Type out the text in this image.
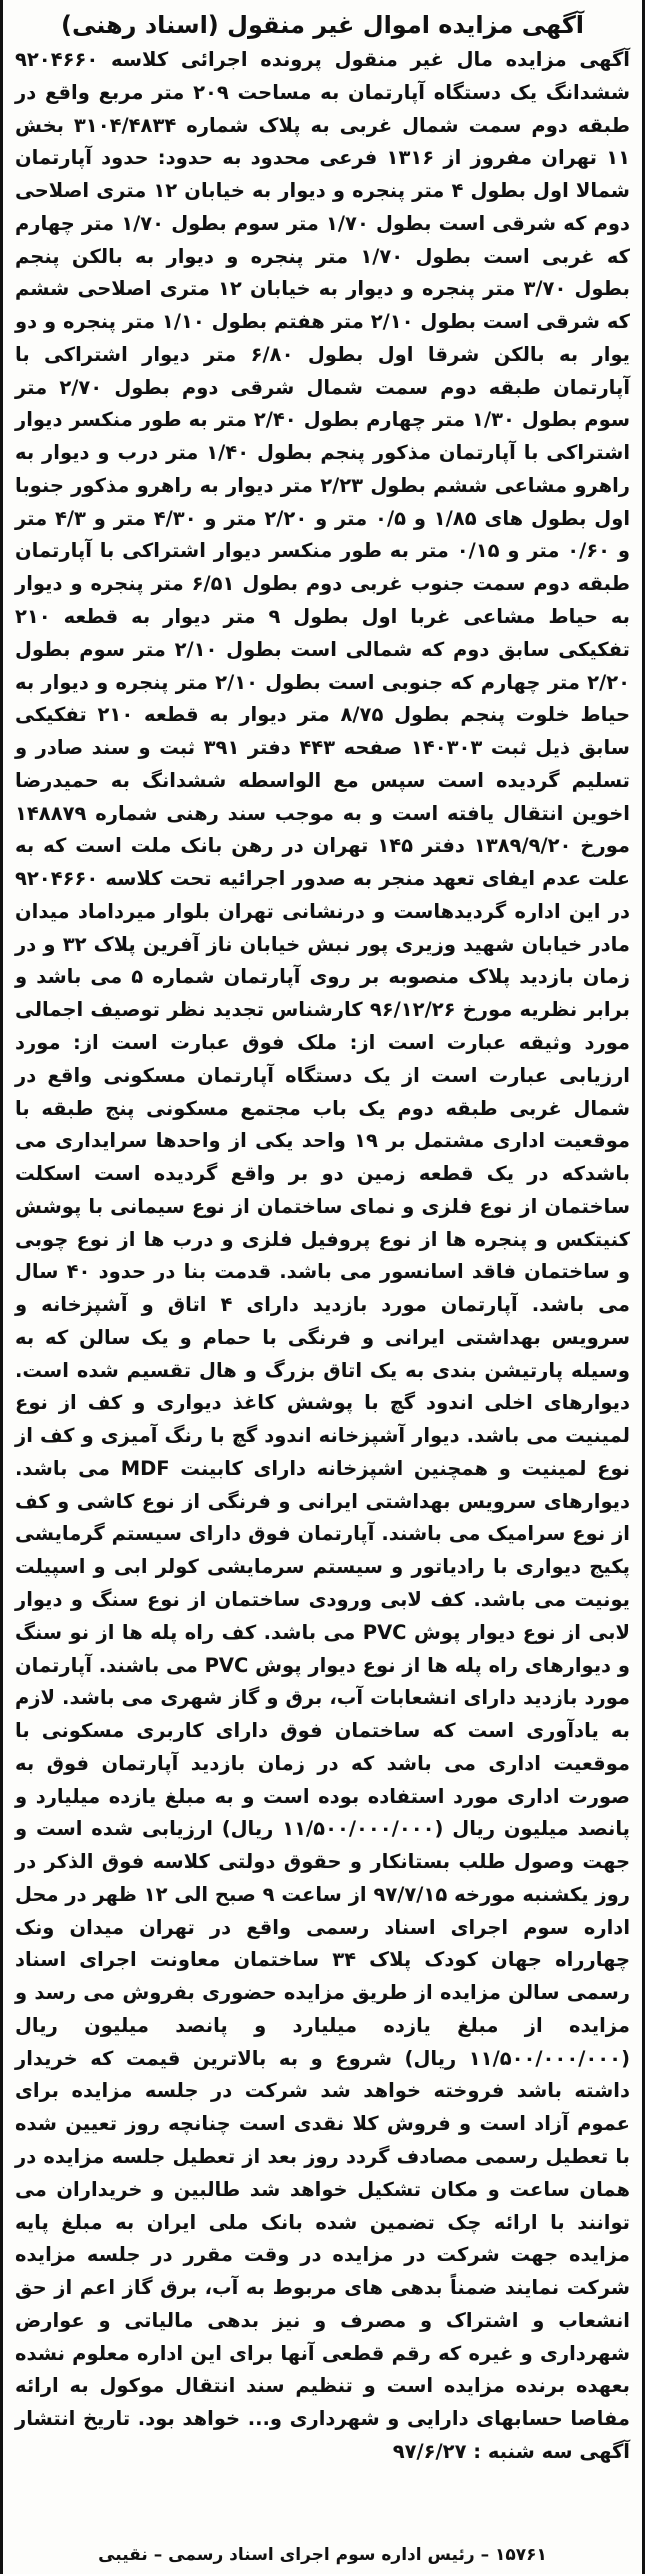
آگهی مزایده اموال غیر منقول (اسناد رهنی)

آگهی مزایده مال غیر منقول پرونده اجرائی کلاسه ۹۲۰۴۶۶۰ ششدانگ یک دستگاه آپارتمان به مساحت ۲۰۹ متر مربع واقع در طبقه دوم سمت شمال غربی به پلاک شماره ۳۱۰۴/۴۸۳۴ بخش ۱۱ تهران مفروز از ۱۳۱۶ فرعی محدود به حدود: حدود آپارتمان شمالا اول بطول ۴ متر پنجره و دیوار به خیابان ۱۲ متری اصلاحی دوم که شرقی است بطول ۱/۷۰ متر سوم بطول ۱/۷۰ متر چهارم که غربی است بطول ۱/۷۰ متر پنجره و دیوار به بالکن پنجم بطول ۳/۷۰ متر پنجره و دیوار به خیابان ۱۲ متری اصلاحی ششم که شرقی است بطول ۲/۱۰ متر هفتم بطول ۱/۱۰ متر پنجره و دو یوار به بالکن شرقا اول بطول ۶/۸۰ متر دیوار اشتراکی با آپارتمان طبقه دوم سمت شمال شرقی دوم بطول ۲/۷۰ متر سوم بطول ۱/۳۰ متر چهارم بطول ۲/۴۰ متر به طور منکسر دیوار اشتراکی با آپارتمان مذکور پنجم بطول ۱/۴۰ متر درب و دیوار به راهرو مشاعی ششم بطول ۲/۲۳ متر دیوار به راهرو مذکور جنوبا اول بطول های ۱/۸۵ و ۰/۵ متر و ۲/۲۰ متر و ۴/۳۰ متر و ۴/۳ متر و ۰/۶۰ متر و ۰/۱۵ متر به طور منکسر دیوار اشتراکی با آپارتمان طبقه دوم سمت جنوب غربی دوم بطول ۶/۵۱ متر پنجره و دیوار به حیاط مشاعی غربا اول بطول ۹ متر دیوار به قطعه ۲۱۰ تفکیکی سابق دوم که شمالی است بطول ۲/۱۰ متر سوم بطول ۲/۲۰ متر چهارم که جنوبی است بطول ۲/۱۰ متر پنجره و دیوار به حیاط خلوت پنجم بطول ۸/۷۵ متر دیوار به قطعه ۲۱۰ تفکیکی سابق ذیل ثبت ۱۴۰۳۰۳ صفحه ۴۴۳ دفتر ۳۹۱ ثبت و سند صادر و تسلیم گردیده است سپس مع الواسطه ششدانگ به حمیدرضا اخوین انتقال یافته است و به موجب سند رهنی شماره ۱۴۸۸۷۹ مورخ ۱۳۸۹/۹/۲۰ دفتر ۱۴۵ تهران در رهن بانک ملت است که به علت عدم ایفای تعهد منجر به صدور اجرائیه تحت کلاسه ۹۲۰۴۶۶۰ در این اداره گردیدهاست و درنشانی تهران بلوار میرداماد میدان مادر خیابان شهید وزیری پور نبش خیابان ناز آفرین پلاک ۳۲ و در زمان بازدید پلاک منصوبه بر روی آپارتمان شماره ۵ می باشد و برابر نظریه مورخ ۹۶/۱۲/۲۶ کارشناس تجدید نظر توصیف اجمالی مورد وثیقه عبارت است از: ملک فوق عبارت است از: مورد ارزیابی عبارت است از یک دستگاه آپارتمان مسکونی واقع در شمال غربی طبقه دوم یک باب مجتمع مسکونی پنج طبقه با موقعیت اداری مشتمل بر ۱۹ واحد یکی از واحدها سرایداری می باشدکه در یک قطعه زمین دو بر واقع گردیده است اسکلت ساختمان از نوع فلزی و نمای ساختمان از نوع سیمانی با پوشش کنیتکس و پنجره ها از نوع پروفیل فلزی و درب ها از نوع چوبی و ساختمان فاقد اسانسور می باشد. قدمت بنا در حدود ۴۰ سال می باشد. آپارتمان مورد بازدید دارای ۴ اتاق و آشپزخانه و سرویس بهداشتی ایرانی و فرنگی با حمام و یک سالن که به وسیله پارتیشن بندی به یک اتاق بزرگ و هال تقسیم شده است. دیوارهای اخلی اندود گچ با پوشش کاغذ دیواری و کف از نوع لمینیت می باشد. دیوار آشپزخانه اندود گچ با رنگ آمیزی و کف از نوع لمینیت و همچنین اشپزخانه دارای کابینت MDF می باشد. دیوارهای سرویس بهداشتی ایرانی و فرنگی از نوع کاشی و کف از نوع سرامیک می باشند. آپارتمان فوق دارای سیستم گرمایشی پکیج دیواری با رادیاتور و سیستم سرمایشی کولر ابی و اسپیلت یونیت می باشد. کف لابی ورودی ساختمان از نوع سنگ و دیوار لابی از نوع دیوار پوش PVC می باشد. کف راه پله ها از نو سنگ و دیوارهای راه پله ها از نوع دیوار پوش PVC می باشند. آپارتمان مورد بازدید دارای انشعابات آب، برق و گاز شهری می باشد. لازم به یادآوری است که ساختمان فوق دارای کاربری مسکونی با موقعیت اداری می باشد که در زمان بازدید آپارتمان فوق به صورت اداری مورد استفاده بوده است و به مبلغ یازده میلیارد و پانصد میلیون ریال (۱۱/۵۰۰/۰۰۰/۰۰۰ ریال) ارزیابی شده است و جهت وصول طلب بستانکار و حقوق دولتی کلاسه فوق الذکر در روز یکشنبه مورخه ۹۷/۷/۱۵ از ساعت ۹ صبح الی ۱۲ ظهر در محل اداره سوم اجرای اسناد رسمی واقع در تهران میدان ونک چهارراه جهان کودک پلاک ۳۴ ساختمان معاونت اجرای اسناد رسمی سالن مزایده از طریق مزایده حضوری بفروش می رسد و مزایده از مبلغ یازده میلیارد و پانصد میلیون ریال (۱۱/۵۰۰/۰۰۰/۰۰۰ ریال) شروع و به بالاترین قیمت که خریدار داشته باشد فروخته خواهد شد شرکت در جلسه مزایده برای عموم آزاد است و فروش کلا نقدی است چنانچه روز تعیین شده با تعطیل رسمی مصادف گردد روز بعد از تعطیل جلسه مزایده در همان ساعت و مکان تشکیل خواهد شد طالبین و خریداران می توانند با ارائه چک تضمین شده بانک ملی ایران به مبلغ پایه مزایده جهت شرکت در مزایده در وقت مقرر در جلسه مزایده شرکت نمایند ضمناً بدهی های مربوط به آب، برق گاز اعم از حق انشعاب و اشتراک و مصرف و نیز بدهی مالیاتی و عوارض شهرداری و غیره که رقم قطعی آنها برای این اداره معلوم نشده بعهده برنده مزایده است و تنظیم سند انتقال موکول به ارائه مفاصا حسابهای دارایی و شهرداری و... خواهد بود. تاریخ انتشار آگهی سه شنبه : ۹۷/۶/۲۷

۱۵۷۶۱ – رئیس اداره سوم اجرای اسناد رسمی – نقیبی
